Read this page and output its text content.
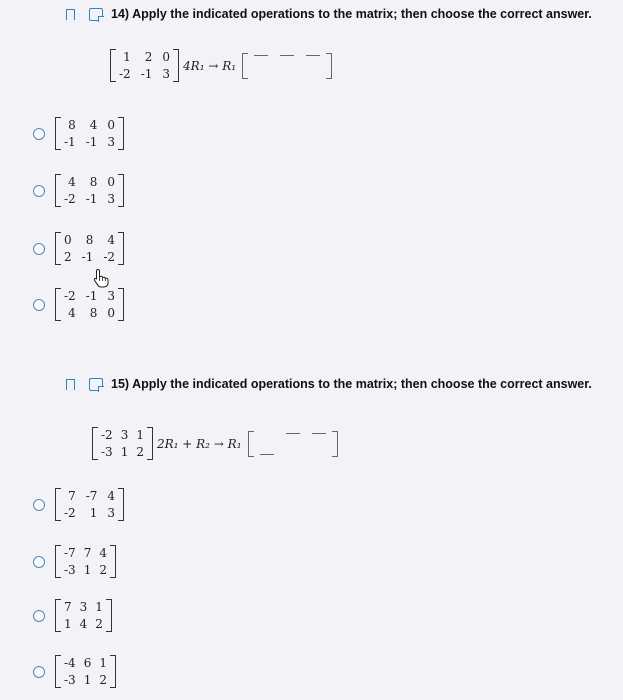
14) Apply the indicated operations to the matrix; then choose the correct answer.
1	2 0
-2 -1 3
4R₁ → R₁
8	4 0
-1 -1 3
4	8 0
-2 -1 3
0	8	4
2 -1 -2
-2 -1 3
4	8 0
15) Apply the indicated operations to the matrix; then choose the correct answer.
-2 3 1
-3 1 2
2R₁ + R₂ → R₁
7 -7 4
-2	1 3
-7 7 4
-3 1 2
7 3 1
1 4 2
-4 6 1
-3 1 2
